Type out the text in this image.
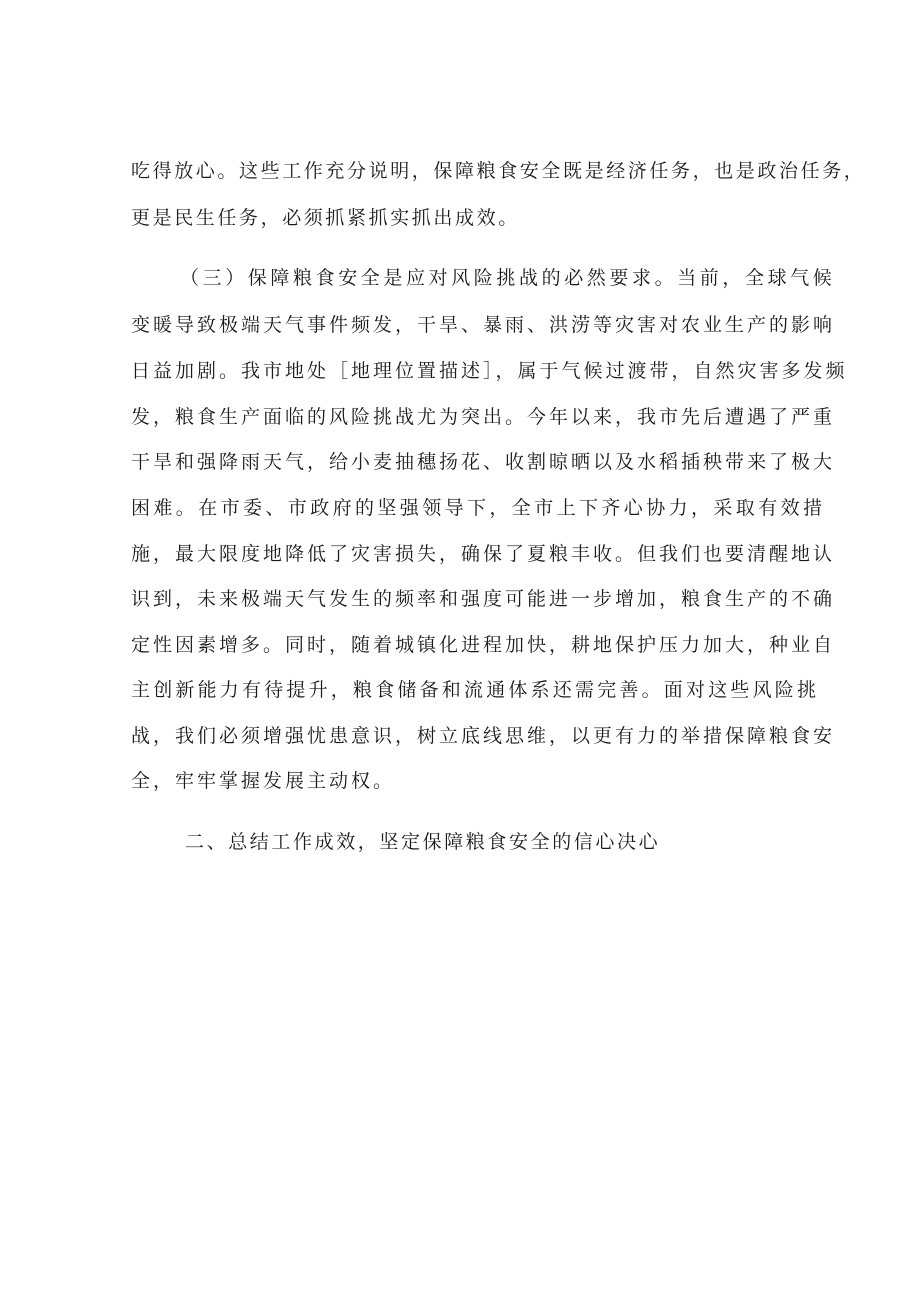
吃得放心。这些工作充分说明，保障粮食安全既是经济任务，也是政治任务，
更是民生任务，必须抓紧抓实抓出成效。
（三）保障粮食安全是应对风险挑战的必然要求。当前，全球气候
变暖导致极端天气事件频发，干旱、暴雨、洪涝等灾害对农业生产的影响
日益加剧。我市地处［地理位置描述］，属于气候过渡带，自然灾害多发频
发，粮食生产面临的风险挑战尤为突出。今年以来，我市先后遭遇了严重
干旱和强降雨天气，给小麦抽穗扬花、收割晾晒以及水稻插秧带来了极大
困难。在市委、市政府的坚强领导下，全市上下齐心协力，采取有效措
施，最大限度地降低了灾害损失，确保了夏粮丰收。但我们也要清醒地认
识到，未来极端天气发生的频率和强度可能进一步增加，粮食生产的不确
定性因素增多。同时，随着城镇化进程加快，耕地保护压力加大，种业自
主创新能力有待提升，粮食储备和流通体系还需完善。面对这些风险挑
战，我们必须增强忧患意识，树立底线思维，以更有力的举措保障粮食安
全，牢牢掌握发展主动权。
二、总结工作成效，坚定保障粮食安全的信心决心
